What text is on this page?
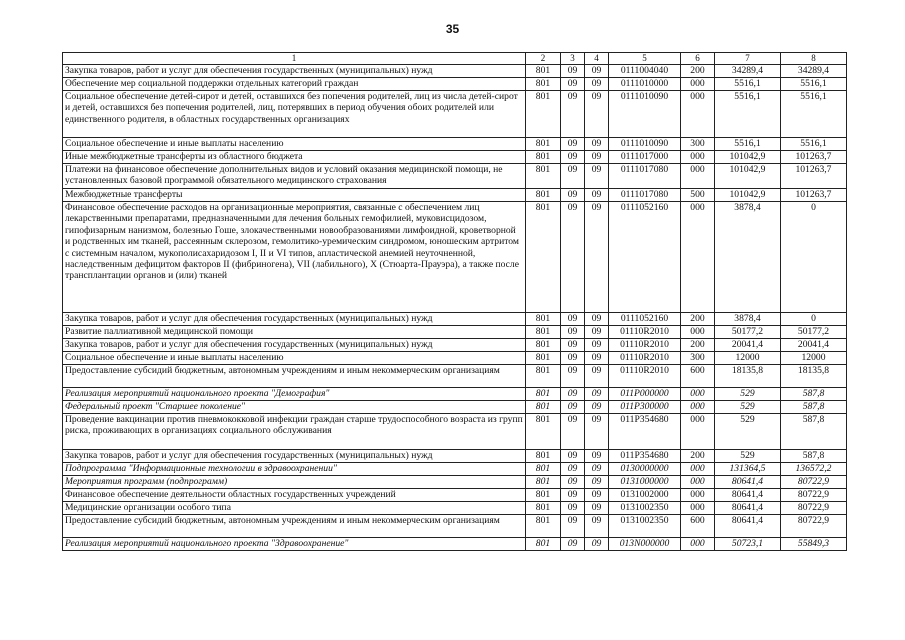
35
1	2	3	4	5	6	7	8
Закупка товаров, работ и услуг для обеспечения государственных (муниципальных) нужд	801	09	09	0111004040	200	34289,4	34289,4
Обеспечение мер социальной поддержки отдельных категорий граждан	801	09	09	0111010000	000	5516,1	5516,1
Социальное обеспечение детей-сирот и детей, оставшихся без попечения родителей, лиц из числа детей-сирот и детей, оставшихся без попечения родителей, лиц, потерявших в период обучения обоих родителей или единственного родителя, в областных государственных организациях	801	09	09	0111010090	000	5516,1	5516,1
Социальное обеспечение и иные выплаты населению	801	09	09	0111010090	300	5516,1	5516,1
Иные межбюджетные трансферты из областного бюджета	801	09	09	0111017000	000	101042,9	101263,7
Платежи на финансовое обеспечение дополнительных видов и условий оказания медицинской помощи, не установленных базовой программой обязательного медицинского страхования	801	09	09	0111017080	000	101042,9	101263,7
Межбюджетные трансферты	801	09	09	0111017080	500	101042,9	101263,7
Финансовое обеспечение расходов на организационные мероприятия, связанные с обеспечением лиц лекарственными препаратами, предназначенными для лечения больных гемофилией, муковисцидозом, гипофизарным нанизмом, болезнью Гоше, злокачественными новообразованиями лимфоидной, кроветворной и родственных им тканей, рассеянным склерозом, гемолитико-уремическим синдромом, юношеским артритом с системным началом, мукополисахаридозом I, II и VI типов, апластической анемией неуточненной, наследственным дефицитом факторов II (фибриногена), VII (лабильного), X (Стюарта-Прауэра), а также после трансплантации органов и (или) тканей	801	09	09	0111052160	000	3878,4	0
Закупка товаров, работ и услуг для обеспечения государственных (муниципальных) нужд	801	09	09	0111052160	200	3878,4	0
Развитие паллиативной медицинской помощи	801	09	09	01110R2010	000	50177,2	50177,2
Закупка товаров, работ и услуг для обеспечения государственных (муниципальных) нужд	801	09	09	01110R2010	200	20041,4	20041,4
Социальное обеспечение и иные выплаты населению	801	09	09	01110R2010	300	12000	12000
Предоставление субсидий бюджетным, автономным учреждениям и иным некоммерческим организациям	801	09	09	01110R2010	600	18135,8	18135,8
Реализация мероприятий национального проекта "Демография"	801	09	09	011P000000	000	529	587,8
Федеральный проект "Старшее поколение"	801	09	09	011P300000	000	529	587,8
Проведение вакцинации против пневмококковой инфекции граждан старше трудоспособного возраста из групп риска, проживающих в организациях социального обслуживания	801	09	09	011P354680	000	529	587,8
Закупка товаров, работ и услуг для обеспечения государственных (муниципальных) нужд	801	09	09	011P354680	200	529	587,8
Подпрограмма "Информационные технологии в здравоохранении"	801	09	09	0130000000	000	131364,5	136572,2
Мероприятия программ (подпрограмм)	801	09	09	0131000000	000	80641,4	80722,9
Финансовое обеспечение деятельности областных государственных учреждений	801	09	09	0131002000	000	80641,4	80722,9
Медицинские организации особого типа	801	09	09	0131002350	000	80641,4	80722,9
Предоставление субсидий бюджетным, автономным учреждениям и иным некоммерческим организациям	801	09	09	0131002350	600	80641,4	80722,9
Реализация мероприятий национального проекта "Здравоохранение"	801	09	09	013N000000	000	50723,1	55849,3
